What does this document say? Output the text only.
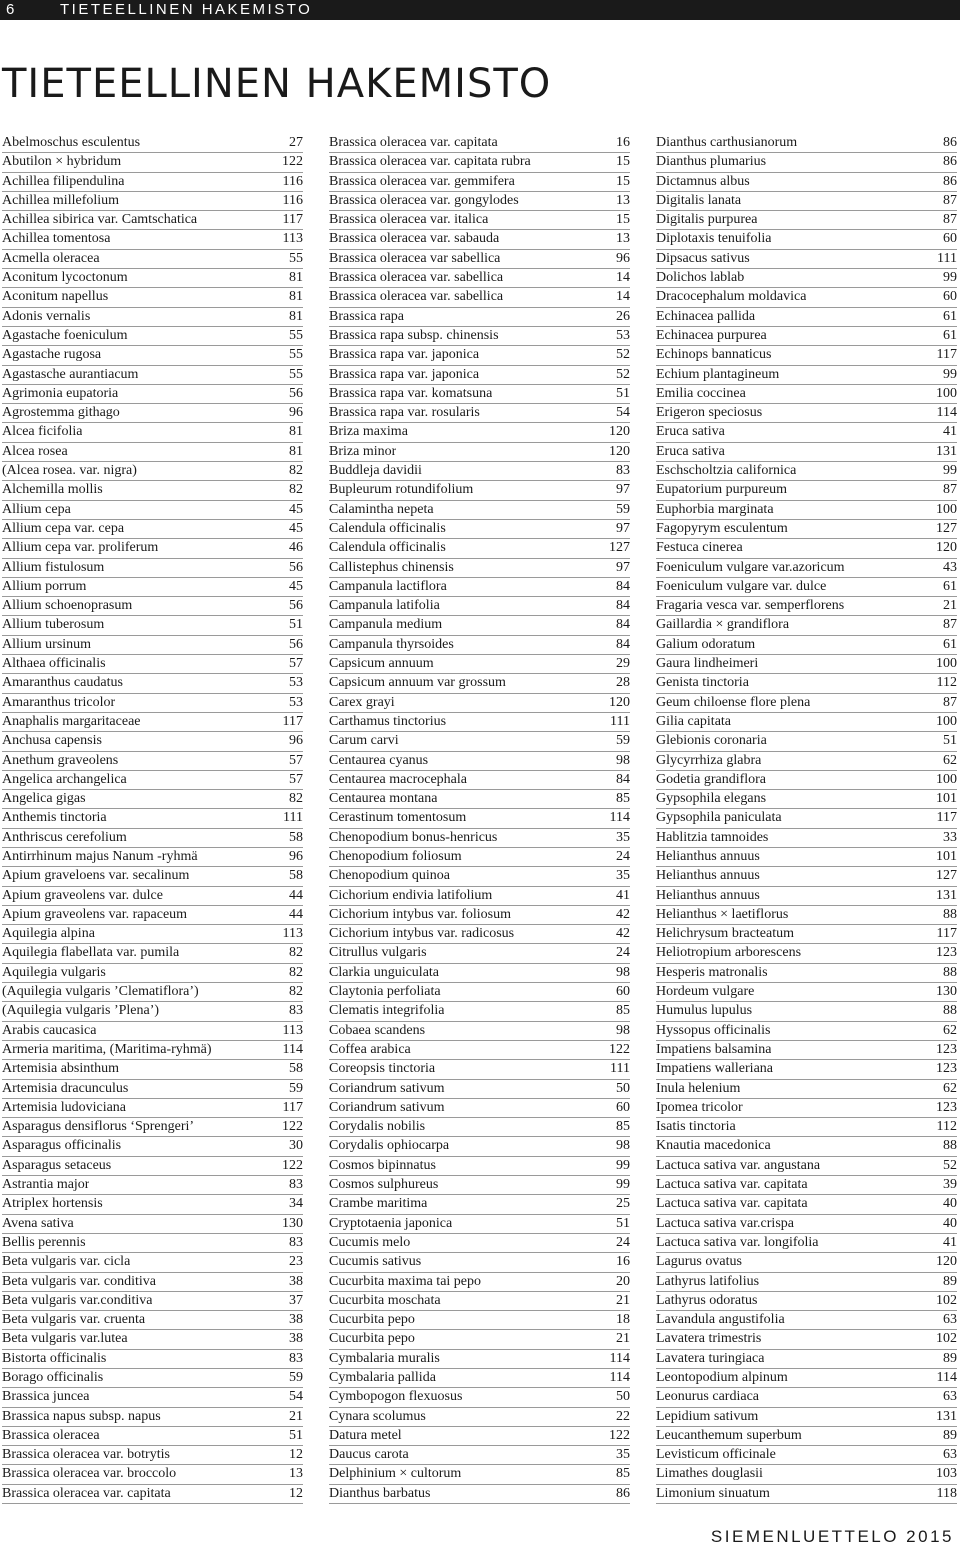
6	TIETEELLINEN HAKEMISTO
TIETEELLINEN HAKEMISTO
Abelmoschus esculentus	27
Abutilon × hybridum	122
Achillea filipendulina	116
Achillea millefolium	116
Achillea sibirica var. Camtschatica	117
Achillea tomentosa	113
Acmella oleracea	55
Aconitum lycoctonum	81
Aconitum napellus	81
Adonis vernalis	81
Agastache foeniculum	55
Agastache rugosa	55
Agastasche aurantiacum	55
Agrimonia eupatoria	56
Agrostemma githago	96
Alcea ficifolia	81
Alcea rosea	81
(Alcea rosea. var. nigra)	82
Alchemilla mollis	82
Allium cepa	45
Allium cepa var. cepa	45
Allium cepa var. proliferum	46
Allium fistulosum	56
Allium porrum	45
Allium schoenoprasum	56
Allium tuberosum	51
Allium ursinum	56
Althaea officinalis	57
Amaranthus caudatus	53
Amaranthus tricolor	53
Anaphalis margaritaceae	117
Anchusa capensis	96
Anethum graveolens	57
Angelica archangelica	57
Angelica gigas	82
Anthemis tinctoria	111
Anthriscus cerefolium	58
Antirrhinum majus Nanum -ryhmä	96
Apium graveloens var. secalinum	58
Apium graveolens var. dulce	44
Apium graveolens var. rapaceum	44
Aquilegia alpina	113
Aquilegia flabellata var. pumila	82
Aquilegia vulgaris	82
(Aquilegia vulgaris ’Clematiflora’)	82
(Aquilegia vulgaris ’Plena’)	83
Arabis caucasica	113
Armeria maritima, (Maritima-ryhmä)	114
Artemisia absinthum	58
Artemisia dracunculus	59
Artemisia ludoviciana	117
Asparagus densiflorus ‘Sprengeri’	122
Asparagus officinalis	30
Asparagus setaceus	122
Astrantia major	83
Atriplex hortensis	34
Avena sativa	130
Bellis perennis	83
Beta vulgaris var. cicla	23
Beta vulgaris var. conditiva	38
Beta vulgaris var.conditiva	37
Beta vulgaris var. cruenta	38
Beta vulgaris var.lutea	38
Bistorta officinalis	83
Borago officinalis	59
Brassica juncea	54
Brassica napus subsp. napus	21
Brassica oleracea	51
Brassica oleracea var. botrytis	12
Brassica oleracea var. broccolo	13
Brassica oleracea var. capitata	12
Brassica oleracea var. capitata	16
Brassica oleracea var. capitata rubra	15
Brassica oleracea var. gemmifera	15
Brassica oleracea var. gongylodes	13
Brassica oleracea var. italica	15
Brassica oleracea var. sabauda	13
Brassica oleracea var sabellica	96
Brassica oleracea var. sabellica	14
Brassica oleracea var. sabellica	14
Brassica rapa	26
Brassica rapa subsp. chinensis	53
Brassica rapa var. japonica	52
Brassica rapa var. japonica	52
Brassica rapa var. komatsuna	51
Brassica rapa var. rosularis	54
Briza maxima	120
Briza minor	120
Buddleja davidii	83
Bupleurum rotundifolium	97
Calamintha nepeta	59
Calendula officinalis	97
Calendula officinalis	127
Callistephus chinensis	97
Campanula lactiflora	84
Campanula latifolia	84
Campanula medium	84
Campanula thyrsoides	84
Capsicum annuum	29
Capsicum annuum var grossum	28
Carex grayi	120
Carthamus tinctorius	111
Carum carvi	59
Centaurea cyanus	98
Centaurea macrocephala	84
Centaurea montana	85
Cerastinum tomentosum	114
Chenopodium bonus-henricus	35
Chenopodium foliosum	24
Chenopodium quinoa	35
Cichorium endivia latifolium	41
Cichorium intybus var. foliosum	42
Cichorium intybus var. radicosus	42
Citrullus vulgaris	24
Clarkia unguiculata	98
Claytonia perfoliata	60
Clematis integrifolia	85
Cobaea scandens	98
Coffea arabica	122
Coreopsis tinctoria	111
Coriandrum sativum	50
Coriandrum sativum	60
Corydalis nobilis	85
Corydalis ophiocarpa	98
Cosmos bipinnatus	99
Cosmos sulphureus	99
Crambe maritima	25
Cryptotaenia japonica	51
Cucumis melo	24
Cucumis sativus	16
Cucurbita maxima tai pepo	20
Cucurbita moschata	21
Cucurbita pepo	18
Cucurbita pepo	21
Cymbalaria muralis	114
Cymbalaria pallida	114
Cymbopogon flexuosus	50
Cynara scolumus	22
Datura metel	122
Daucus carota	35
Delphinium × cultorum	85
Dianthus barbatus	86
Dianthus carthusianorum	86
Dianthus plumarius	86
Dictamnus albus	86
Digitalis lanata	87
Digitalis purpurea	87
Diplotaxis tenuifolia	60
Dipsacus sativus	111
Dolichos lablab	99
Dracocephalum moldavica	60
Echinacea pallida	61
Echinacea purpurea	61
Echinops bannaticus	117
Echium plantagineum	99
Emilia coccinea	100
Erigeron speciosus	114
Eruca sativa	41
Eruca sativa	131
Eschscholtzia californica	99
Eupatorium purpureum	87
Euphorbia marginata	100
Fagopyrym esculentum	127
Festuca cinerea	120
Foeniculum vulgare var.azoricum	43
Foeniculum vulgare var. dulce	61
Fragaria vesca var. semperflorens	21
Gaillardia × grandiflora	87
Galium odoratum	61
Gaura lindheimeri	100
Genista tinctoria	112
Geum chiloense flore plena	87
Gilia capitata	100
Glebionis coronaria	51
Glycyrrhiza glabra	62
Godetia grandiflora	100
Gypsophila elegans	101
Gypsophila paniculata	117
Hablitzia tamnoides	33
Helianthus annuus	101
Helianthus annuus	127
Helianthus annuus	131
Helianthus × laetiflorus	88
Helichrysum bracteatum	117
Heliotropium arborescens	123
Hesperis matronalis	88
Hordeum vulgare	130
Humulus lupulus	88
Hyssopus officinalis	62
Impatiens balsamina	123
Impatiens walleriana	123
Inula helenium	62
Ipomea tricolor	123
Isatis tinctoria	112
Knautia macedonica	88
Lactuca sativa var. angustana	52
Lactuca sativa var. capitata	39
Lactuca sativa var. capitata	40
Lactuca sativa var.crispa	40
Lactuca sativa var. longifolia	41
Lagurus ovatus	120
Lathyrus latifolius	89
Lathyrus odoratus	102
Lavandula angustifolia	63
Lavatera trimestris	102
Lavatera turingiaca	89
Leontopodium alpinum	114
Leonurus cardiaca	63
Lepidium sativum	131
Leucanthemum superbum	89
Levisticum officinale	63
Limathes douglasii	103
Limonium sinuatum	118
SIEMENLUETTELO 2015
